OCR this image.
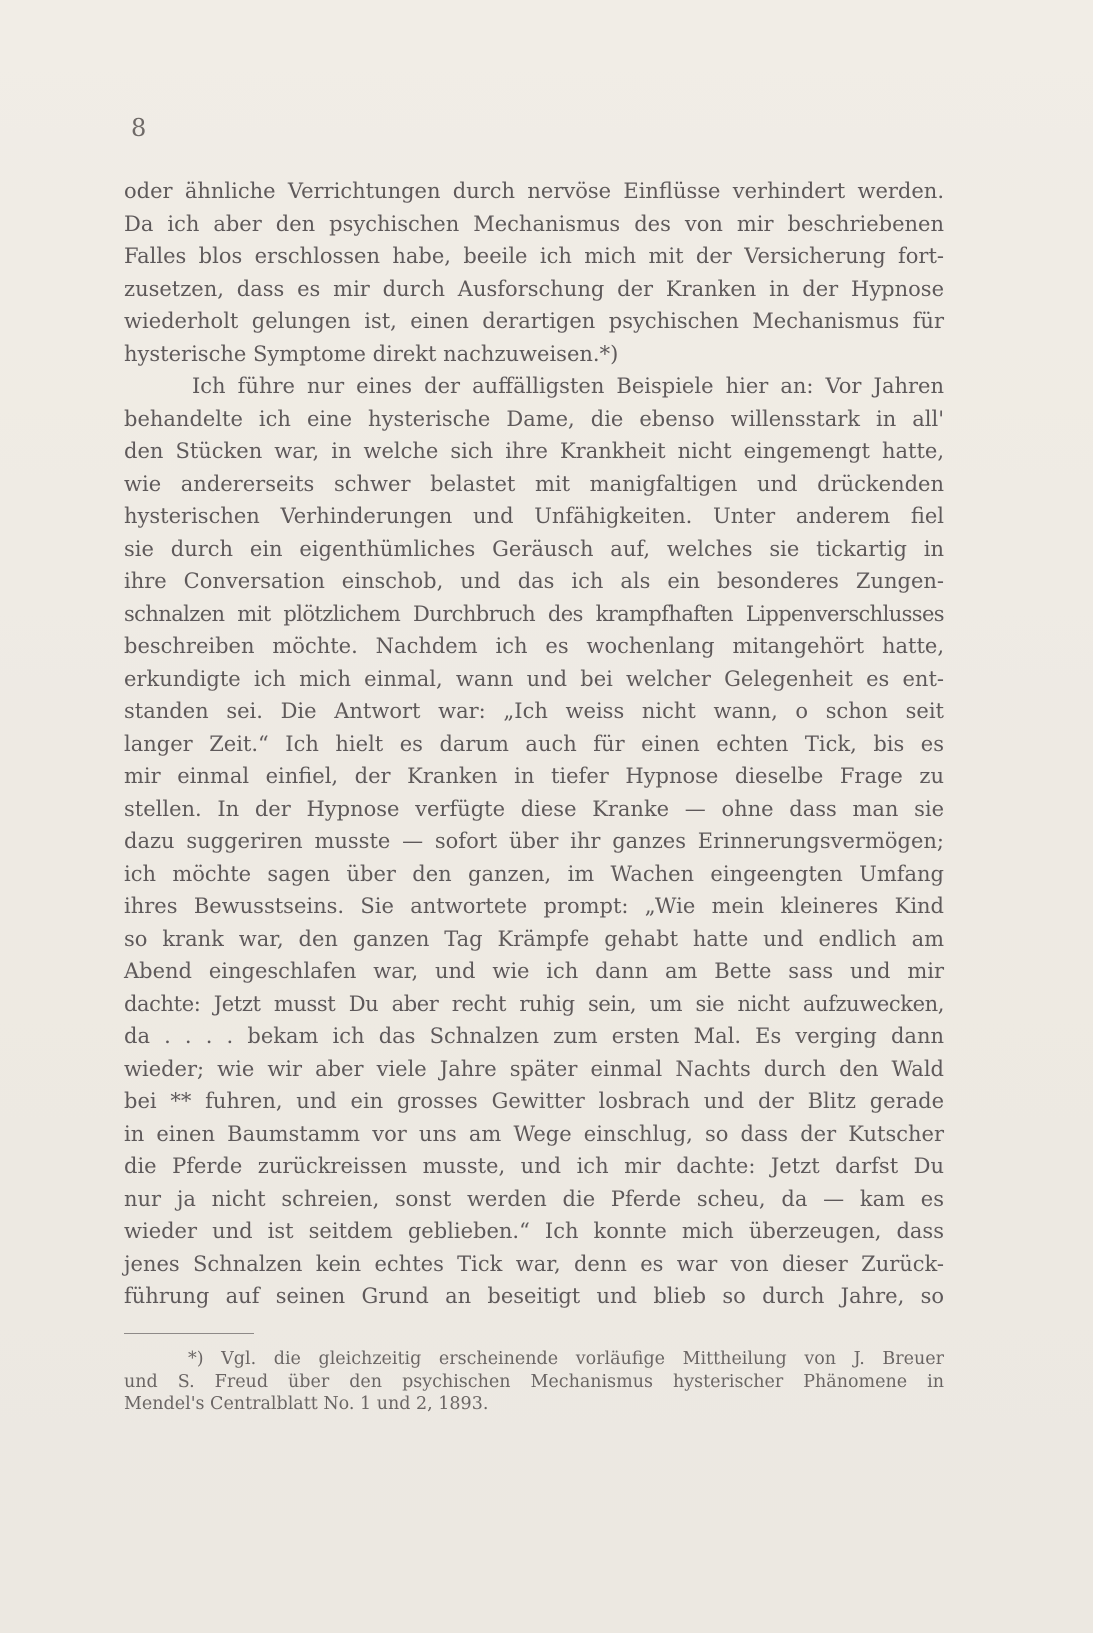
8

oder ähnliche Verrichtungen durch nervöse Einflüsse verhindert werden.
Da ich aber den psychischen Mechanismus des von mir beschriebenen
Falles blos erschlossen habe, beeile ich mich mit der Versicherung fort-
zusetzen, dass es mir durch Ausforschung der Kranken in der Hypnose
wiederholt gelungen ist, einen derartigen psychischen Mechanismus für
hysterische Symptome direkt nachzuweisen.*)
Ich führe nur eines der auffälligsten Beispiele hier an: Vor Jahren
behandelte ich eine hysterische Dame, die ebenso willensstark in all'
den Stücken war, in welche sich ihre Krankheit nicht eingemengt hatte,
wie andererseits schwer belastet mit manigfaltigen und drückenden
hysterischen Verhinderungen und Unfähigkeiten. Unter anderem fiel
sie durch ein eigenthümliches Geräusch auf, welches sie tickartig in
ihre Conversation einschob, und das ich als ein besonderes Zungen-
schnalzen mit plötzlichem Durchbruch des krampfhaften Lippenverschlusses
beschreiben möchte. Nachdem ich es wochenlang mitangehört hatte,
erkundigte ich mich einmal, wann und bei welcher Gelegenheit es ent-
standen sei. Die Antwort war: „Ich weiss nicht wann, o schon seit
langer Zeit.“ Ich hielt es darum auch für einen echten Tick, bis es
mir einmal einfiel, der Kranken in tiefer Hypnose dieselbe Frage zu
stellen. In der Hypnose verfügte diese Kranke — ohne dass man sie
dazu suggeriren musste — sofort über ihr ganzes Erinnerungsvermögen;
ich möchte sagen über den ganzen, im Wachen eingeengten Umfang
ihres Bewusstseins. Sie antwortete prompt: „Wie mein kleineres Kind
so krank war, den ganzen Tag Krämpfe gehabt hatte und endlich am
Abend eingeschlafen war, und wie ich dann am Bette sass und mir
dachte: Jetzt musst Du aber recht ruhig sein, um sie nicht aufzuwecken,
da . . . . bekam ich das Schnalzen zum ersten Mal. Es verging dann
wieder; wie wir aber viele Jahre später einmal Nachts durch den Wald
bei ** fuhren, und ein grosses Gewitter losbrach und der Blitz gerade
in einen Baumstamm vor uns am Wege einschlug, so dass der Kutscher
die Pferde zurückreissen musste, und ich mir dachte: Jetzt darfst Du
nur ja nicht schreien, sonst werden die Pferde scheu, da — kam es
wieder und ist seitdem geblieben.“ Ich konnte mich überzeugen, dass
jenes Schnalzen kein echtes Tick war, denn es war von dieser Zurück-
führung auf seinen Grund an beseitigt und blieb so durch Jahre, so
*) Vgl. die gleichzeitig erscheinende vorläufige Mittheilung von J. Breuer
und S. Freud über den psychischen Mechanismus hysterischer Phänomene in
Mendel's Centralblatt No. 1 und 2, 1893.
